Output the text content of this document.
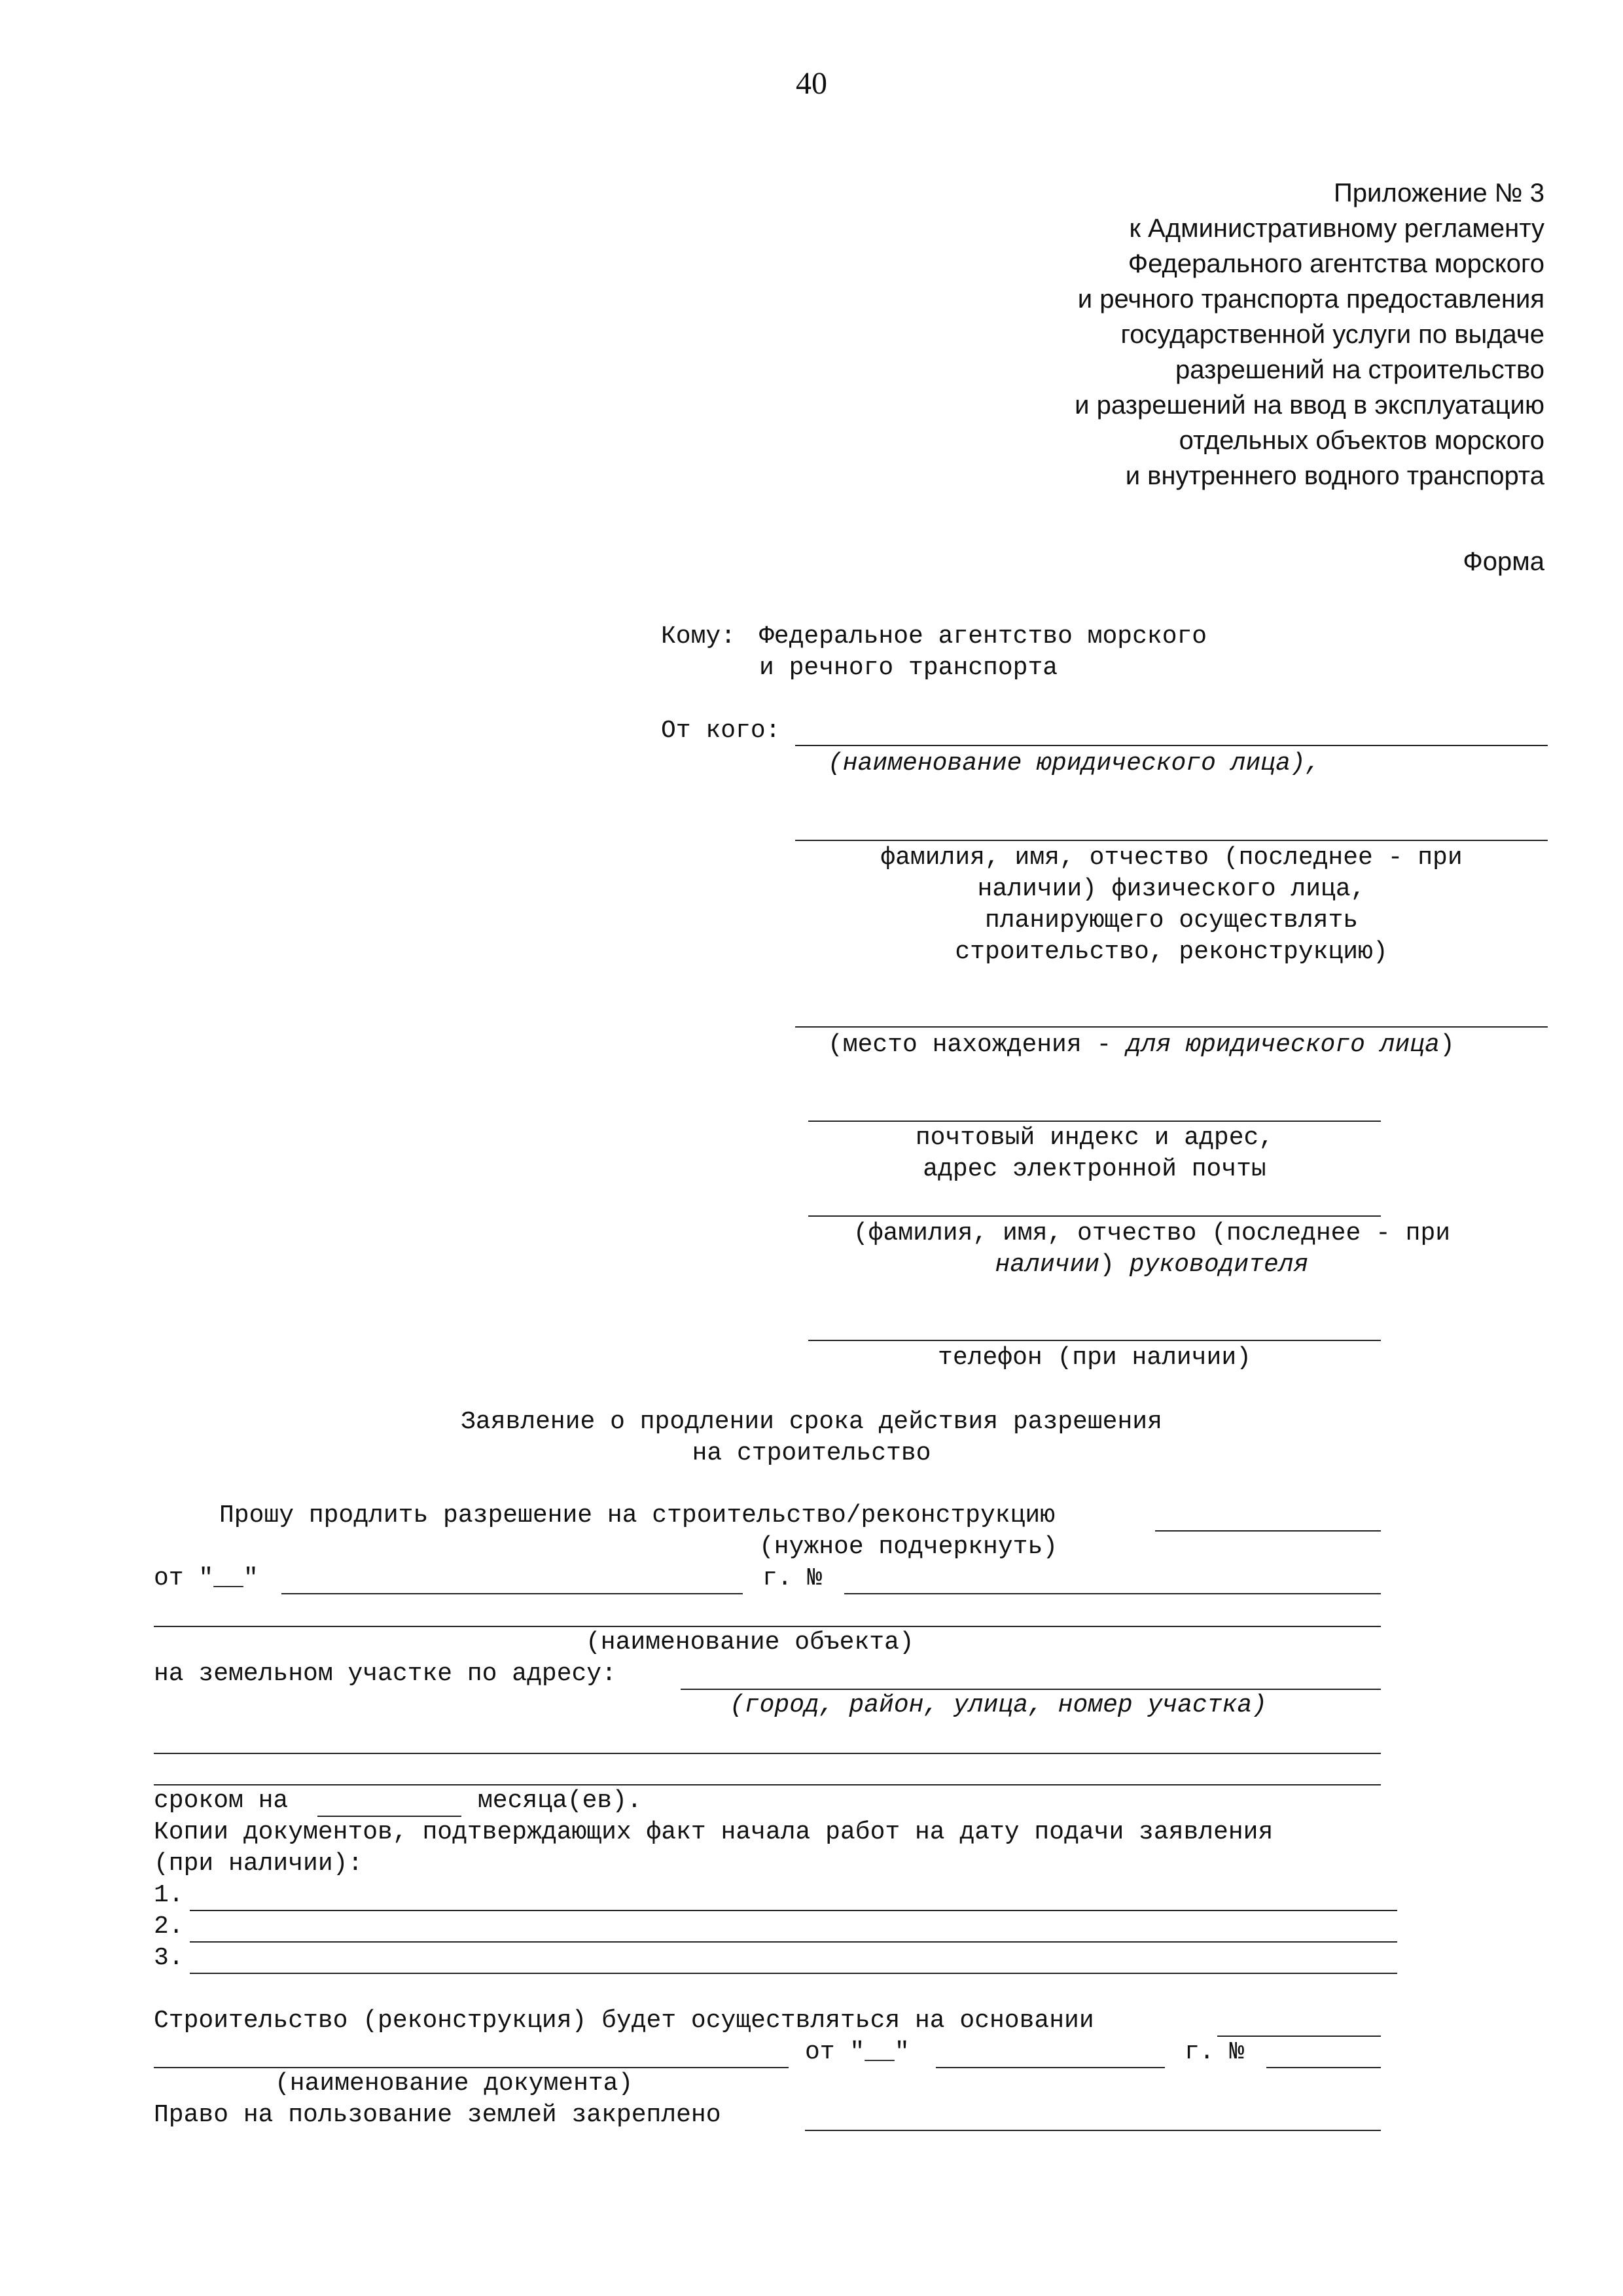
40
Приложение № 3
к Административному регламенту
Федерального агентства морского
и речного транспорта предоставления
государственной услуги по выдаче
разрешений на строительство
и разрешений на ввод в эксплуатацию
отдельных объектов морского
и внутреннего водного транспорта
Форма
Кому: Федеральное агентство морского
и речного транспорта
От кого:
(наименование юридического лица),
фамилия, имя, отчество (последнее - при
наличии) физического лица,
планирующего осуществлять
строительство, реконструкцию)
(место нахождения - для юридического лица)
почтовый индекс и адрес,
адрес электронной почты
(фамилия, имя, отчество (последнее - при
наличии) руководителя
телефон (при наличии)
Заявление о продлении срока действия разрешения
на строительство
Прошу продлить разрешение на строительство/реконструкцию
(нужное подчеркнуть)
от "__"	г. №
(наименование объекта)
на земельном участке по адресу:
(город, район, улица, номер участка)
сроком на	месяца(ев).
Копии документов, подтверждающих факт начала работ на дату подачи заявления
(при наличии):
1.
2.
3.
Строительство (реконструкция) будет осуществляться на основании
от "__"	г. №
(наименование документа)
Право на пользование землей закреплено
